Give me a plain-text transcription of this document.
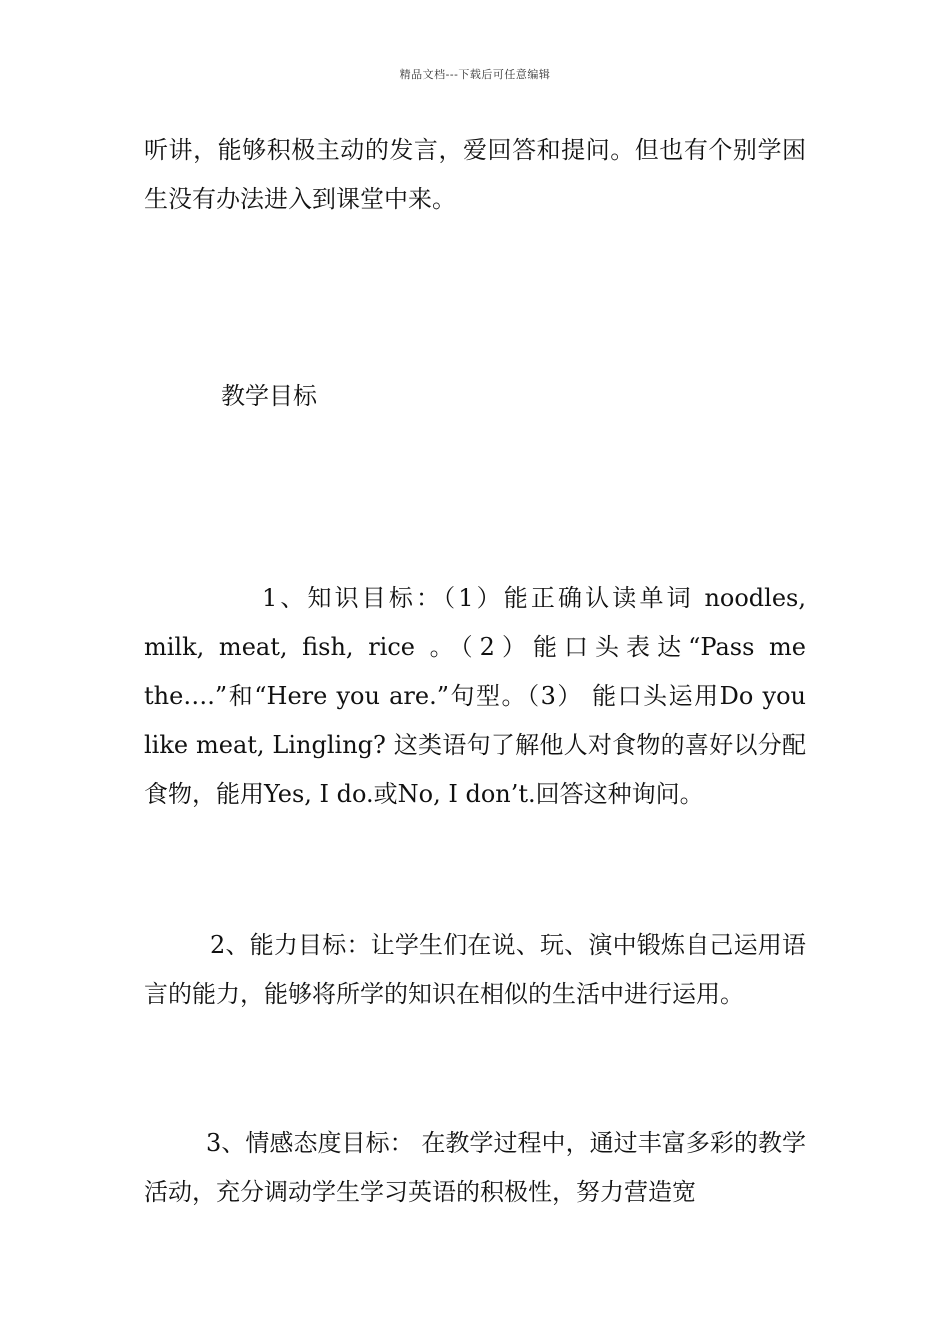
精品文档---下载后可任意编辑

听讲，能够积极主动的发言，爱回答和提问。但也有个别学困生没有办法进入到课堂中来。

教学目标

1、知识目标：（1）能正确认读单词 noodles, milk, meat, fish, rice 。（2）能口头表达“Pass me the….”和“Here you are.”句型。（3） 能口头运用Do you like meat, Lingling? 这类语句了解他人对食物的喜好以分配食物，能用Yes, I do.或No, I don’t.回答这种询问。

2、能力目标：让学生们在说、玩、演中锻炼自己运用语言的能力，能够将所学的知识在相似的生活中进行运用。

3、情感态度目标： 在教学过程中，通过丰富多彩的教学活动，充分调动学生学习英语的积极性，努力营造宽
